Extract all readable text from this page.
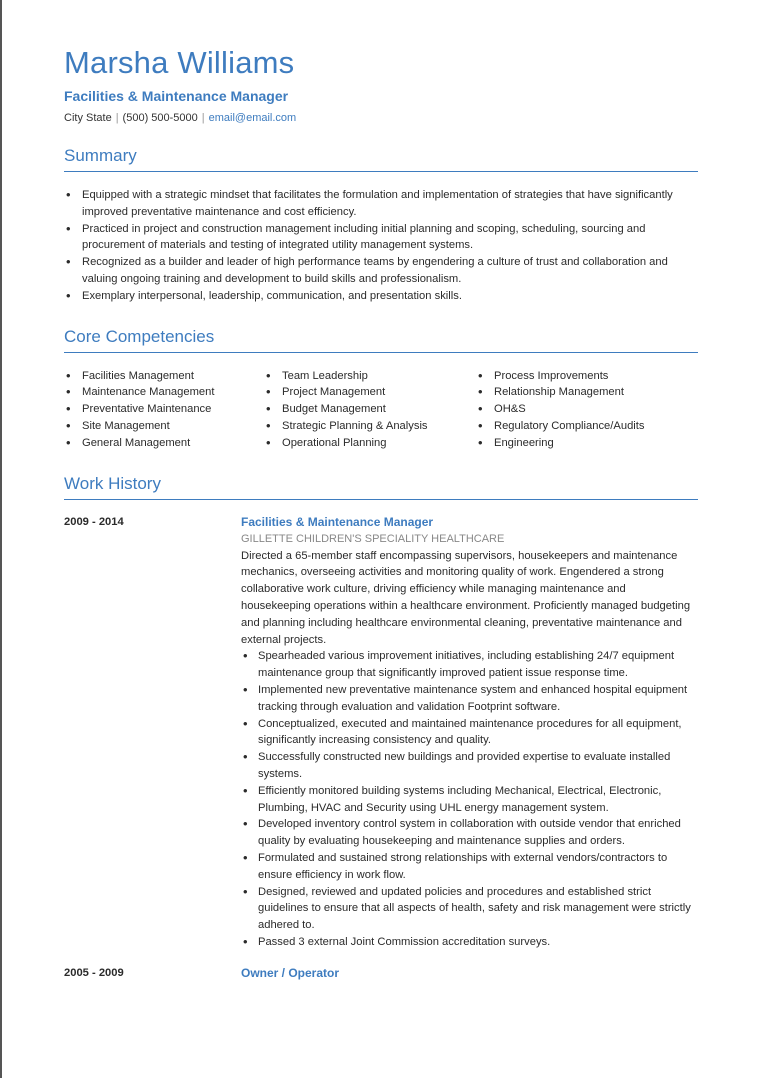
Marsha Williams
Facilities & Maintenance Manager
City State | (500) 500-5000 | email@email.com
Summary
• Equipped with a strategic mindset that facilitates the formulation and implementation of strategies that have significantly improved preventative maintenance and cost efficiency.
• Practiced in project and construction management including initial planning and scoping, scheduling, sourcing and procurement of materials and testing of integrated utility management systems.
• Recognized as a builder and leader of high performance teams by engendering a culture of trust and collaboration and valuing ongoing training and development to build skills and professionalism.
• Exemplary interpersonal, leadership, communication, and presentation skills.
Core Competencies
• Facilities Management
• Maintenance Management
• Preventative Maintenance
• Site Management
• General Management
• Team Leadership
• Project Management
• Budget Management
• Strategic Planning & Analysis
• Operational Planning
• Process Improvements
• Relationship Management
• OH&S
• Regulatory Compliance/Audits
• Engineering
Work History
2009 - 2014	Facilities & Maintenance Manager
GILLETTE CHILDREN'S SPECIALITY HEALTHCARE
Directed a 65-member staff encompassing supervisors, housekeepers and maintenance mechanics, overseeing activities and monitoring quality of work. Engendered a strong collaborative work culture, driving efficiency while managing maintenance and housekeeping operations within a healthcare environment. Proficiently managed budgeting and planning including healthcare environmental cleaning, preventative maintenance and external projects.
• Spearheaded various improvement initiatives, including establishing 24/7 equipment maintenance group that significantly improved patient issue response time.
• Implemented new preventative maintenance system and enhanced hospital equipment tracking through evaluation and validation Footprint software.
• Conceptualized, executed and maintained maintenance procedures for all equipment, significantly increasing consistency and quality.
• Successfully constructed new buildings and provided expertise to evaluate installed systems.
• Efficiently monitored building systems including Mechanical, Electrical, Electronic, Plumbing, HVAC and Security using UHL energy management system.
• Developed inventory control system in collaboration with outside vendor that enriched quality by evaluating housekeeping and maintenance supplies and orders.
• Formulated and sustained strong relationships with external vendors/contractors to ensure efficiency in work flow.
• Designed, reviewed and updated policies and procedures and established strict guidelines to ensure that all aspects of health, safety and risk management were strictly adhered to.
• Passed 3 external Joint Commission accreditation surveys.
2005 - 2009	Owner / Operator
